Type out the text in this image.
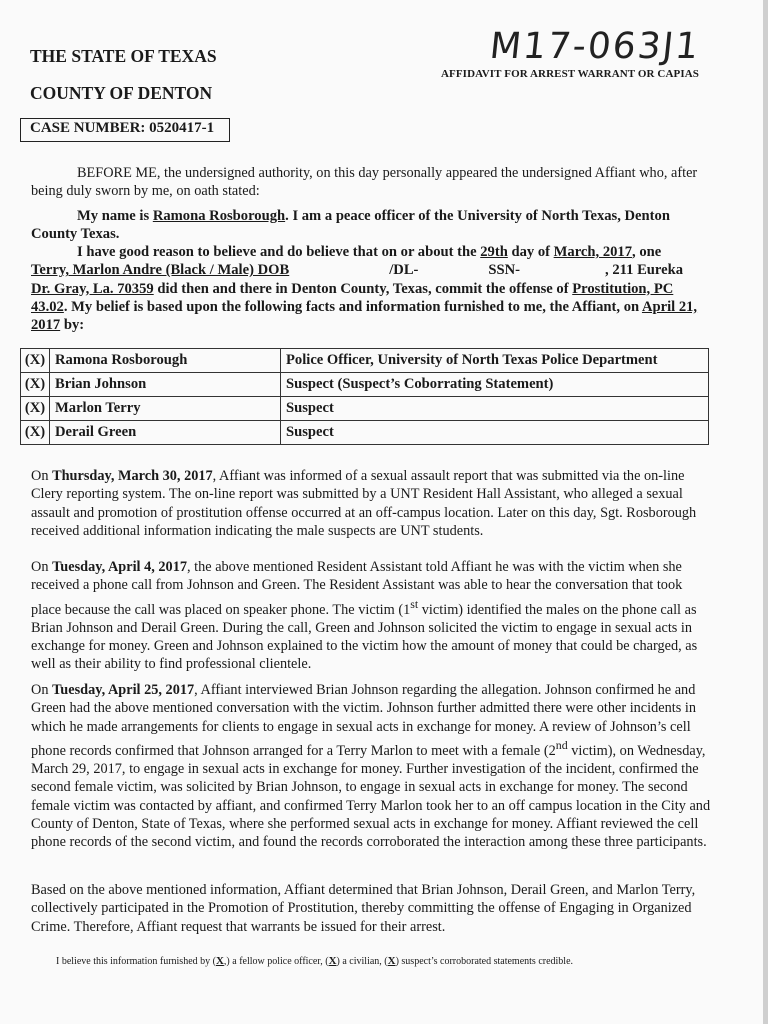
THE STATE OF TEXAS
COUNTY OF DENTON
M17-063J1
AFFIDAVIT FOR ARREST WARRANT OR CAPIAS
CASE NUMBER: 0520417-1
BEFORE ME, the undersigned authority, on this day personally appeared the undersigned Affiant who, after being duly sworn by me, on oath stated:
My name is Ramona Rosborough. I am a peace officer of the University of North Texas, Denton County Texas.
I have good reason to believe and do believe that on or about the 29th day of March, 2017, one
Terry, Marlon Andre (Black / Male) DOB	/DL-	SSN-	, 211 Eureka
Dr. Gray, La. 70359 did then and there in Denton County, Texas, commit the offense of Prostitution, PC 43.02. My belief is based upon the following facts and information furnished to me, the Affiant, on April 21, 2017 by:
(X)	Ramona Rosborough	Police Officer, University of North Texas Police Department
(X)	Brian Johnson	Suspect (Suspect’s Coborrating Statement)
(X)	Marlon Terry	Suspect
(X)	Derail Green	Suspect
On Thursday, March 30, 2017, Affiant was informed of a sexual assault report that was submitted via the on-line Clery reporting system. The on-line report was submitted by a UNT Resident Hall Assistant, who alleged a sexual assault and promotion of prostitution offense occurred at an off-campus location. Later on this day, Sgt. Rosborough received additional information indicating the male suspects are UNT students.
On Tuesday, April 4, 2017, the above mentioned Resident Assistant told Affiant he was with the victim when she received a phone call from Johnson and Green. The Resident Assistant was able to hear the conversation that took place because the call was placed on speaker phone. The victim (1st victim) identified the males on the phone call as Brian Johnson and Derail Green. During the call, Green and Johnson solicited the victim to engage in sexual acts in exchange for money. Green and Johnson explained to the victim how the amount of money that could be charged, as well as their ability to find professional clientele.
On Tuesday, April 25, 2017, Affiant interviewed Brian Johnson regarding the allegation. Johnson confirmed he and Green had the above mentioned conversation with the victim. Johnson further admitted there were other incidents in which he made arrangements for clients to engage in sexual acts in exchange for money. A review of Johnson’s cell phone records confirmed that Johnson arranged for a Terry Marlon to meet with a female (2nd victim), on Wednesday, March 29, 2017, to engage in sexual acts in exchange for money. Further investigation of the incident, confirmed the second female victim, was solicited by Brian Johnson, to engage in sexual acts in exchange for money. The second female victim was contacted by affiant, and confirmed Terry Marlon took her to an off campus location in the City and County of Denton, State of Texas, where she performed sexual acts in exchange for money. Affiant reviewed the cell phone records of the second victim, and found the records corroborated the interaction among these three participants.
Based on the above mentioned information, Affiant determined that Brian Johnson, Derail Green, and Marlon Terry, collectively participated in the Promotion of Prostitution, thereby committing the offense of Engaging in Organized Crime. Therefore, Affiant request that warrants be issued for their arrest.
I believe this information furnished by (X,) a fellow police officer, (X) a civilian, (X) suspect’s corroborated statements credible.
